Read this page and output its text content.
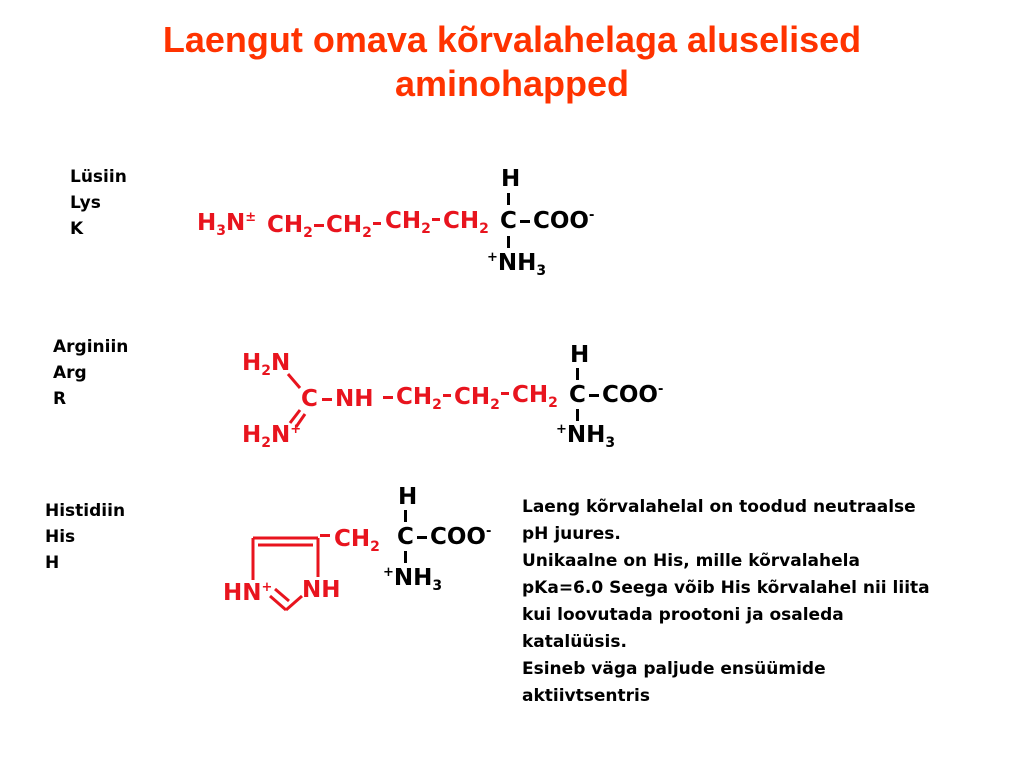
Laengut omava kõrvalahelaga aluselised
aminohapped
Lüsiin
Lys
K
H
$H_3N^\pm$ $CH_2$ $CH_2$ $CH_2$ $CH_2$ C COO-
$^+NH_3$
Arginiin
Arg
R
H
$H_2N$
$H_2N^+$
C NH $CH_2$ $CH_2$ $CH_2$ C COO-
$^+NH_3$
Histidiin
His
H
H
$CH_2$ C COO-
$^+NH_3$
HN+ NH
Laeng kõrvalahelal on toodud neutraalse
pH juures.
Unikaalne on His, mille kõrvalahela
pKa=6.0 Seega võib His kõrvalahel nii liita
kui loovutada prootoni ja osaleda
katalüüsis.
Esineb väga paljude ensüümide
aktiivtsentris
